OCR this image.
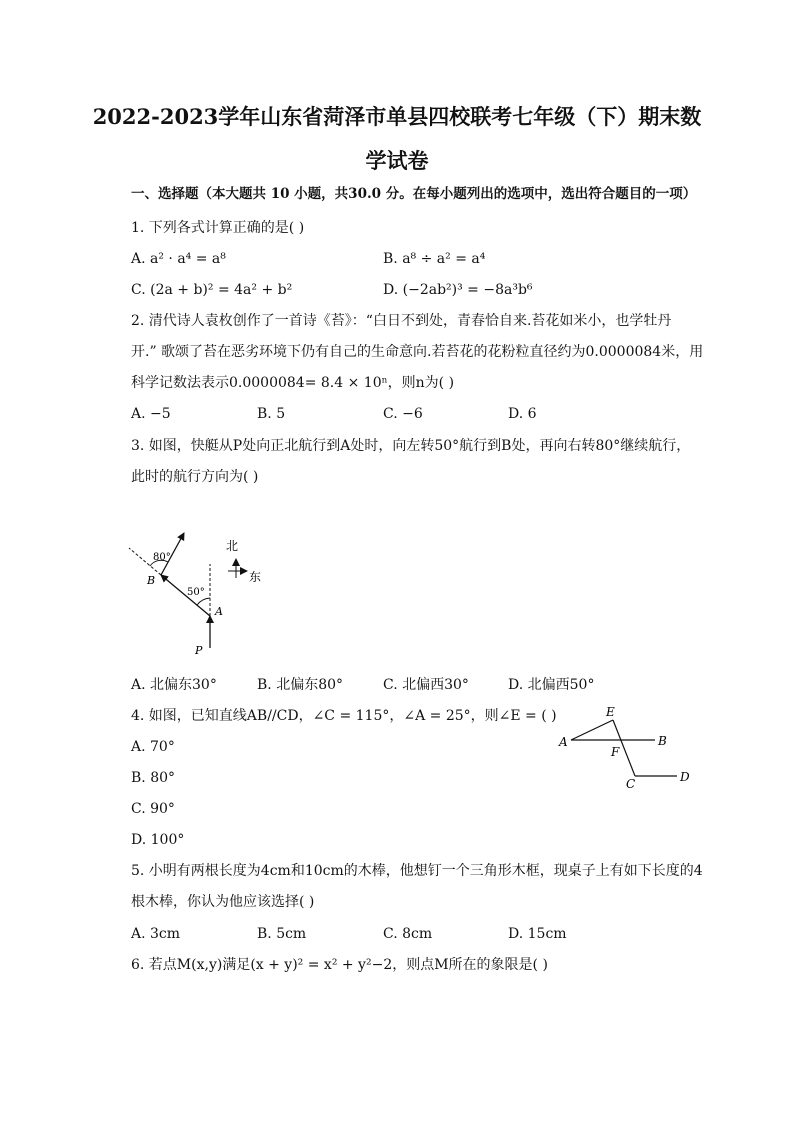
2022-2023学年山东省菏泽市单县四校联考七年级（下）期末数
学试卷
一、选择题（本大题共 10 小题，共30.0 分。在每小题列出的选项中，选出符合题目的一项）
1. 下列各式计算正确的是( )
A. a² · a⁴ = a⁸	B. a⁸ ÷ a² = a⁴
C. (2a + b)² = 4a² + b²	D. (−2ab²)³ = −8a³b⁶
2. 清代诗人袁枚创作了一首诗《苔》：“白日不到处，青春恰自来.苔花如米小，也学牡丹
开.” 歌颂了苔在恶劣环境下仍有自己的生命意向.若苔花的花粉粒直径约为0.0000084米，用
科学记数法表示0.0000084= 8.4 × 10ⁿ，则n为( )
A. −5	B. 5	C. −6	D. 6
3. 如图，快艇从P处向正北航行到A处时，向左转50°航行到B处，再向右转80°继续航行，
此时的航行方向为( )
80°
50°
B
A
P
北
东
A. 北偏东30°	B. 北偏东80°	C. 北偏西30°	D. 北偏西50°
4. 如图，已知直线AB//CD，∠C = 115°，∠A = 25°，则∠E = ( )	E
A
F
B
C	D
A. 70°
B. 80°
C. 90°
D. 100°
5. 小明有两根长度为4cm和10cm的木棒，他想钉一个三角形木框，现桌子上有如下长度的4
根木棒，你认为他应该选择( )
A. 3cm	B. 5cm	C. 8cm	D. 15cm
6. 若点M(x,y)满足(x + y)² = x² + y²−2，则点M所在的象限是( )
